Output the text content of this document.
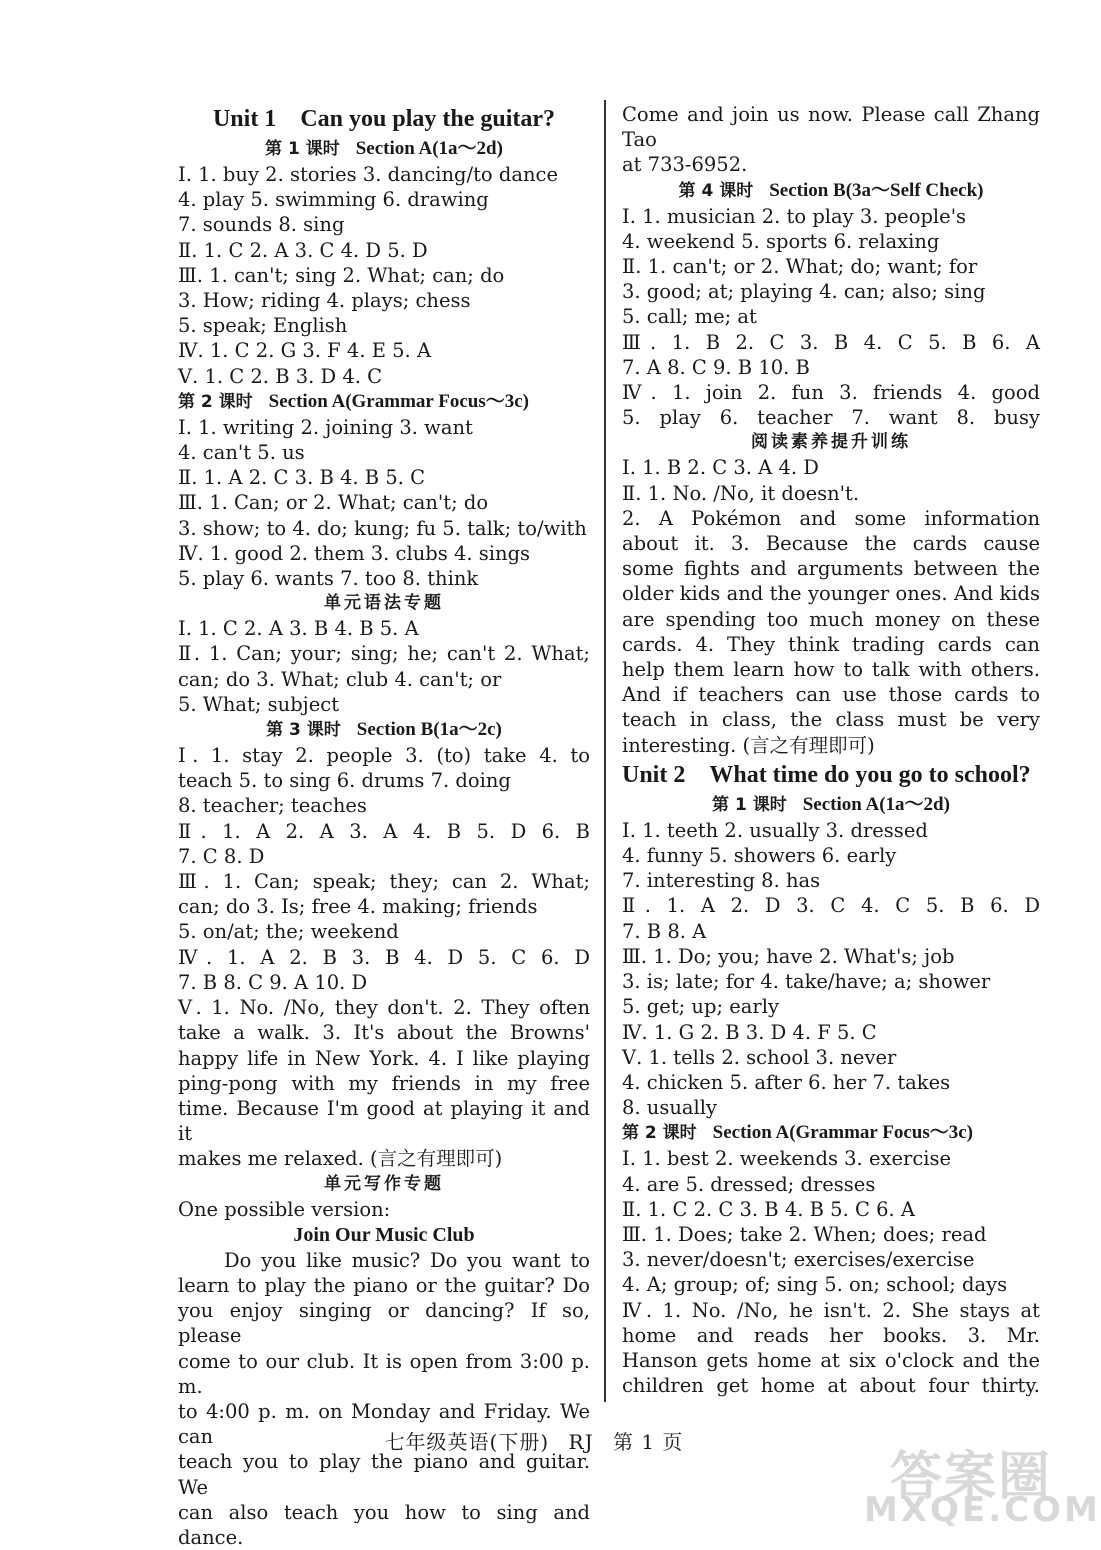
Unit 1 Can you play the guitar?
第 1 课时 Section A(1a～2d)
Ⅰ. 1. buy 2. stories 3. dancing/to dance
4. play 5. swimming 6. drawing
7. sounds 8. sing
Ⅱ. 1. C 2. A 3. C 4. D 5. D
Ⅲ. 1. can't; sing 2. What; can; do
3. How; riding 4. plays; chess
5. speak; English
Ⅳ. 1. C 2. G 3. F 4. E 5. A
Ⅴ. 1. C 2. B 3. D 4. C
第 2 课时 Section A(Grammar Focus～3c)
Ⅰ. 1. writing 2. joining 3. want
4. can't 5. us
Ⅱ. 1. A 2. C 3. B 4. B 5. C
Ⅲ. 1. Can; or 2. What; can't; do
3. show; to 4. do; kung; fu 5. talk; to/with
Ⅳ. 1. good 2. them 3. clubs 4. sings
5. play 6. wants 7. too 8. think
单元语法专题
Ⅰ. 1. C 2. A 3. B 4. B 5. A
Ⅱ. 1. Can; your; sing; he; can't 2. What;
can; do 3. What; club 4. can't; or
5. What; subject
第 3 课时 Section B(1a～2c)
Ⅰ. 1. stay 2. people 3. (to) take 4. to
teach 5. to sing 6. drums 7. doing
8. teacher; teaches
Ⅱ. 1. A 2. A 3. A 4. B 5. D 6. B
7. C 8. D
Ⅲ. 1. Can; speak; they; can 2. What;
can; do 3. Is; free 4. making; friends
5. on/at; the; weekend
Ⅳ. 1. A 2. B 3. B 4. D 5. C 6. D
7. B 8. C 9. A 10. D
Ⅴ. 1. No. /No, they don't. 2. They often
take a walk. 3. It's about the Browns'
happy life in New York. 4. I like playing
ping-pong with my friends in my free
time. Because I'm good at playing it and it
makes me relaxed. (言之有理即可)
单元写作专题
One possible version:
Join Our Music Club
Do you like music? Do you want to
learn to play the piano or the guitar? Do
you enjoy singing or dancing? If so, please
come to our club. It is open from 3:00 p. m.
to 4:00 p. m. on Monday and Friday. We can
teach you to play the piano and guitar. We
can also teach you how to sing and dance.
Come and join us now. Please call Zhang Tao
at 733-6952.
第 4 课时 Section B(3a～Self Check)
Ⅰ. 1. musician 2. to play 3. people's
4. weekend 5. sports 6. relaxing
Ⅱ. 1. can't; or 2. What; do; want; for
3. good; at; playing 4. can; also; sing
5. call; me; at
Ⅲ. 1. B 2. C 3. B 4. C 5. B 6. A
7. A 8. C 9. B 10. B
Ⅳ. 1. join 2. fun 3. friends 4. good
5. play 6. teacher 7. want 8. busy
阅读素养提升训练
Ⅰ. 1. B 2. C 3. A 4. D
Ⅱ. 1. No. /No, it doesn't.
2. A Pokémon and some information
about it. 3. Because the cards cause
some fights and arguments between the
older kids and the younger ones. And kids
are spending too much money on these
cards. 4. They think trading cards can
help them learn how to talk with others.
And if teachers can use those cards to
teach in class, the class must be very
interesting. (言之有理即可)
Unit 2 What time do you go to school?
第 1 课时 Section A(1a～2d)
Ⅰ. 1. teeth 2. usually 3. dressed
4. funny 5. showers 6. early
7. interesting 8. has
Ⅱ. 1. A 2. D 3. C 4. C 5. B 6. D
7. B 8. A
Ⅲ. 1. Do; you; have 2. What's; job
3. is; late; for 4. take/have; a; shower
5. get; up; early
Ⅳ. 1. G 2. B 3. D 4. F 5. C
Ⅴ. 1. tells 2. school 3. never
4. chicken 5. after 6. her 7. takes
8. usually
第 2 课时 Section A(Grammar Focus～3c)
Ⅰ. 1. best 2. weekends 3. exercise
4. are 5. dressed; dresses
Ⅱ. 1. C 2. C 3. B 4. B 5. C 6. A
Ⅲ. 1. Does; take 2. When; does; read
3. never/doesn't; exercises/exercise
4. A; group; of; sing 5. on; school; days
Ⅳ. 1. No. /No, he isn't. 2. She stays at
home and reads her books. 3. Mr.
Hanson gets home at six o'clock and the
children get home at about four thirty.
七年级英语(下册) RJ 第 1 页
答案圈
MXQE.COM
